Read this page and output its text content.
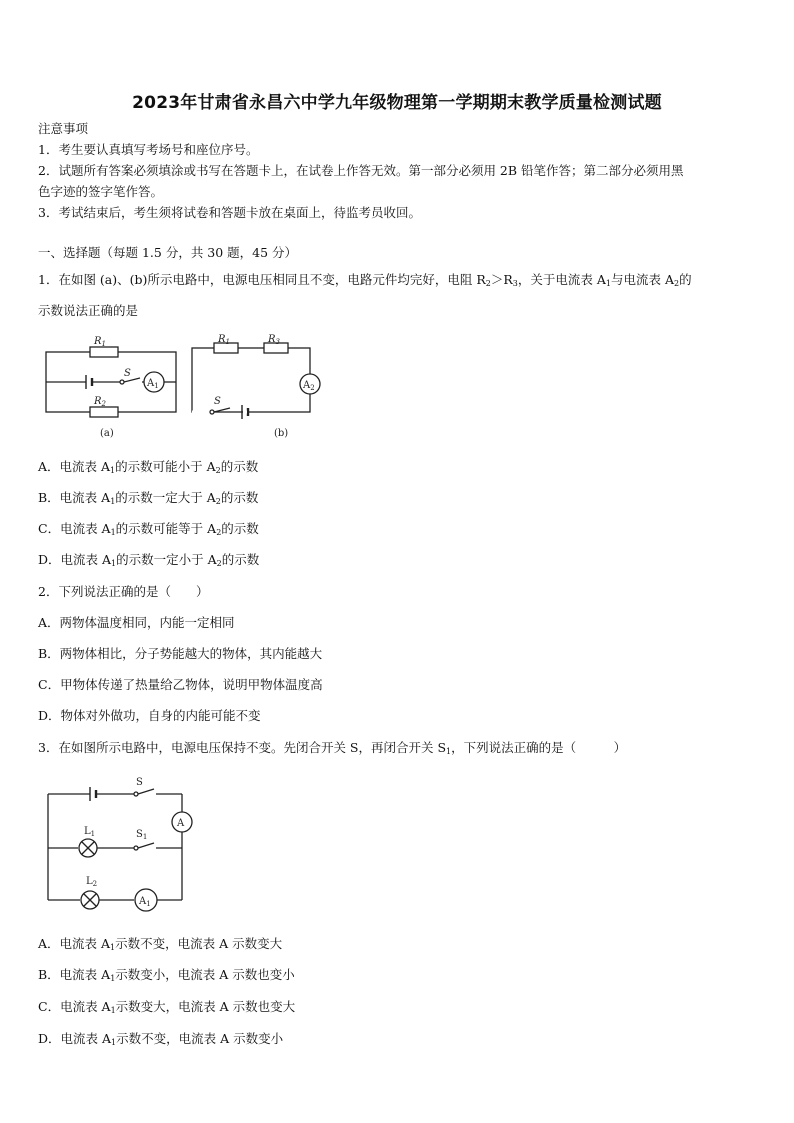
2023年甘肃省永昌六中学九年级物理第一学期期末教学质量检测试题
注意事项
1．考生要认真填写考场号和座位序号。
2．试题所有答案必须填涂或书写在答题卡上，在试卷上作答无效。第一部分必须用 2B 铅笔作答；第二部分必须用黑
色字迹的签字笔作答。
3．考试结束后，考生须将试卷和答题卡放在桌面上，待监考员收回。
一、选择题（每题 1.5 分，共 30 题，45 分）
1．在如图 (a)、(b)所示电路中，电源电压相同且不变，电路元件均完好，电阻 $R_2>R_3$，关于电流表 $A_1$与电流表 $A_2$的
示数说法正确的是
$R_1$
$R_2$
S
$A_1$
(a)
$R_1$	$R_3$
S
$A_2$
(b)
A．电流表 $A_1$的示数可能小于 $A_2$的示数
B．电流表 $A_1$的示数一定大于 $A_2$的示数
C．电流表 $A_1$的示数可能等于 $A_2$的示数
D．电流表 $A_1$的示数一定小于 $A_2$的示数
2．下列说法正确的是（　　）
A．两物体温度相同，内能一定相同
B．两物体相比，分子势能越大的物体，其内能越大
C．甲物体传递了热量给乙物体，说明甲物体温度高
D．物体对外做功，自身的内能可能不变
3．在如图所示电路中，电源电压保持不变。先闭合开关 S，再闭合开关 $S_1$，下列说法正确的是（　　　）
S
A
$L_1$	$S_1$
$L_2$
$A_1$
A．电流表 $A_1$示数不变，电流表 A 示数变大
B．电流表 $A_1$示数变小，电流表 A 示数也变小
C．电流表 $A_1$示数变大，电流表 A 示数也变大
D．电流表 $A_1$示数不变，电流表 A 示数变小
